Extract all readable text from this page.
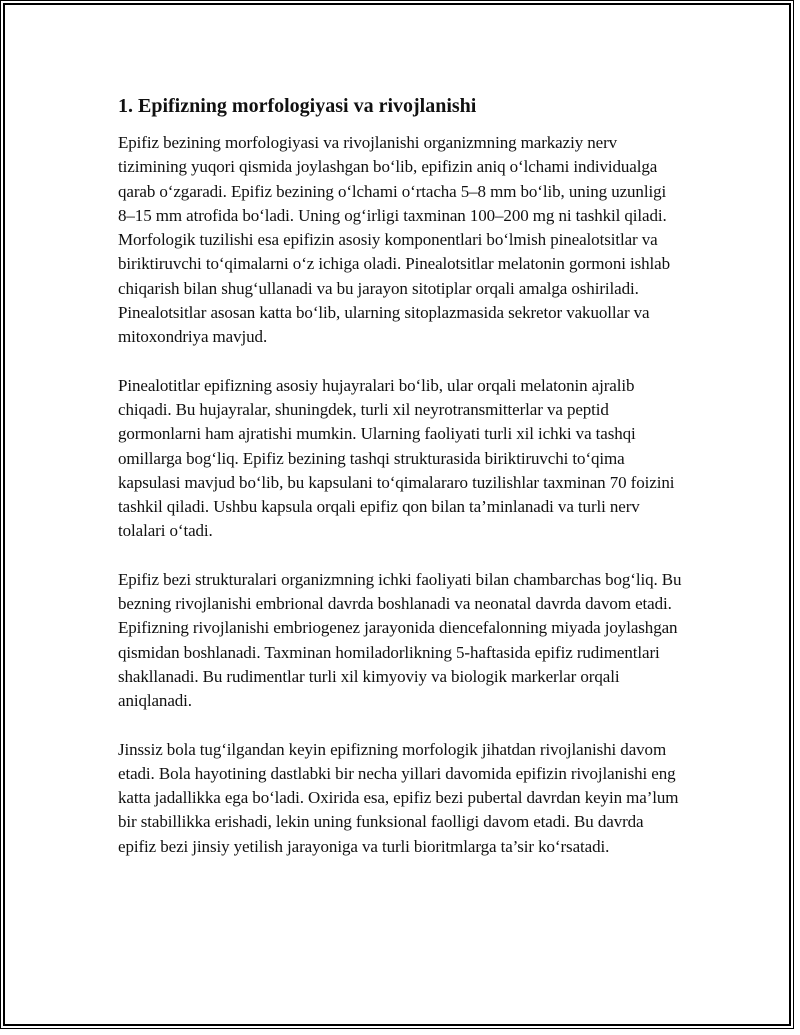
1. Epifizning morfologiyasi va rivojlanishi

Epifiz bezining morfologiyasi va rivojlanishi organizmning markaziy nerv tizimining yuqori qismida joylashgan bo‘lib, epifizin aniq o‘lchami individualga qarab o‘zgaradi. Epifiz bezining o‘lchami o‘rtacha 5–8 mm bo‘lib, uning uzunligi 8–15 mm atrofida bo‘ladi. Uning og‘irligi taxminan 100–200 mg ni tashkil qiladi. Morfologik tuzilishi esa epifizin asosiy komponentlari bo‘lmish pinealotsitlar va biriktiruvchi to‘qimalarni o‘z ichiga oladi. Pinealotsitlar melatonin gormoni ishlab chiqarish bilan shug‘ullanadi va bu jarayon sitotiplar orqali amalga oshiriladi. Pinealotsitlar asosan katta bo‘lib, ularning sitoplazmasida sekretor vakuollar va mitoxondriya mavjud.

Pinealotitlar epifizning asosiy hujayralari bo‘lib, ular orqali melatonin ajralib chiqadi. Bu hujayralar, shuningdek, turli xil neyrotransmitterlar va peptid gormonlarni ham ajratishi mumkin. Ularning faoliyati turli xil ichki va tashqi omillarga bog‘liq. Epifiz bezining tashqi strukturasida biriktiruvchi to‘qima kapsulasi mavjud bo‘lib, bu kapsulani to‘qimalararo tuzilishlar taxminan 70 foizini tashkil qiladi. Ushbu kapsula orqali epifiz qon bilan ta’minlanadi va turli nerv tolalari o‘tadi.

Epifiz bezi strukturalari organizmning ichki faoliyati bilan chambarchas bog‘liq. Bu bezning rivojlanishi embrional davrda boshlanadi va neonatal davrda davom etadi. Epifizning rivojlanishi embriogenez jarayonida diencefalonning miyada joylashgan qismidan boshlanadi. Taxminan homiladorlikning 5-haftasida epifiz rudimentlari shakllanadi. Bu rudimentlar turli xil kimyoviy va biologik markerlar orqali aniqlanadi.

Jinssiz bola tug‘ilgandan keyin epifizning morfologik jihatdan rivojlanishi davom etadi. Bola hayotining dastlabki bir necha yillari davomida epifizin rivojlanishi eng katta jadallikka ega bo‘ladi. Oxirida esa, epifiz bezi pubertal davrdan keyin ma’lum bir stabillikka erishadi, lekin uning funksional faolligi davom etadi. Bu davrda epifiz bezi jinsiy yetilish jarayoniga va turli bioritmlarga ta’sir ko‘rsatadi.
